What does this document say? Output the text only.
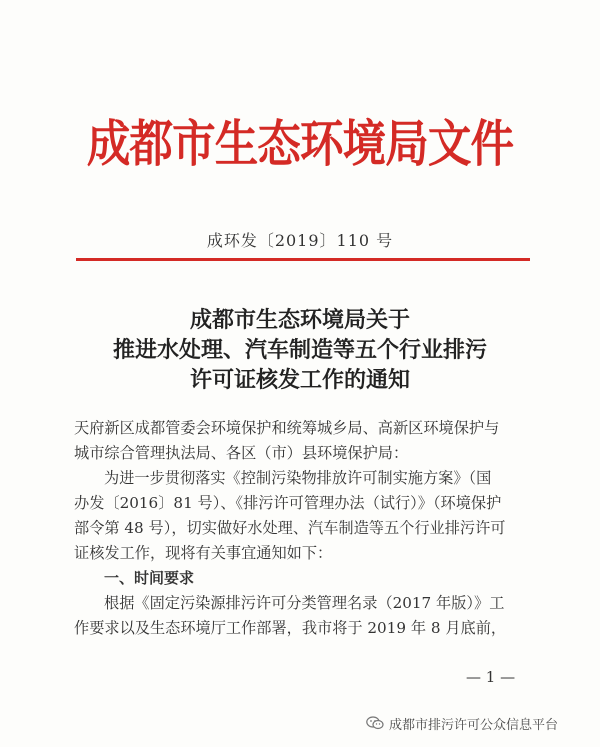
成都市生态环境局文件
成环发〔2019〕110 号
成都市生态环境局关于
推进水处理、汽车制造等五个行业排污
许可证核发工作的通知

天府新区成都管委会环境保护和统筹城乡局、高新区环境保护与

城市综合管理执法局、各区（市）县环境保护局：

为进一步贯彻落实《控制污染物排放许可制实施方案》（国

办发〔2016〕81 号）、《排污许可管理办法（试行）》（环境保护

部令第 48 号），切实做好水处理、汽车制造等五个行业排污许可

证核发工作，现将有关事宜通知如下：

一、时间要求

根据《固定污染源排污许可分类管理名录（2017 年版）》工

作要求以及生态环境厅工作部署，我市将于 2019 年 8 月底前，

— 1 —
成都市排污许可公众信息平台
